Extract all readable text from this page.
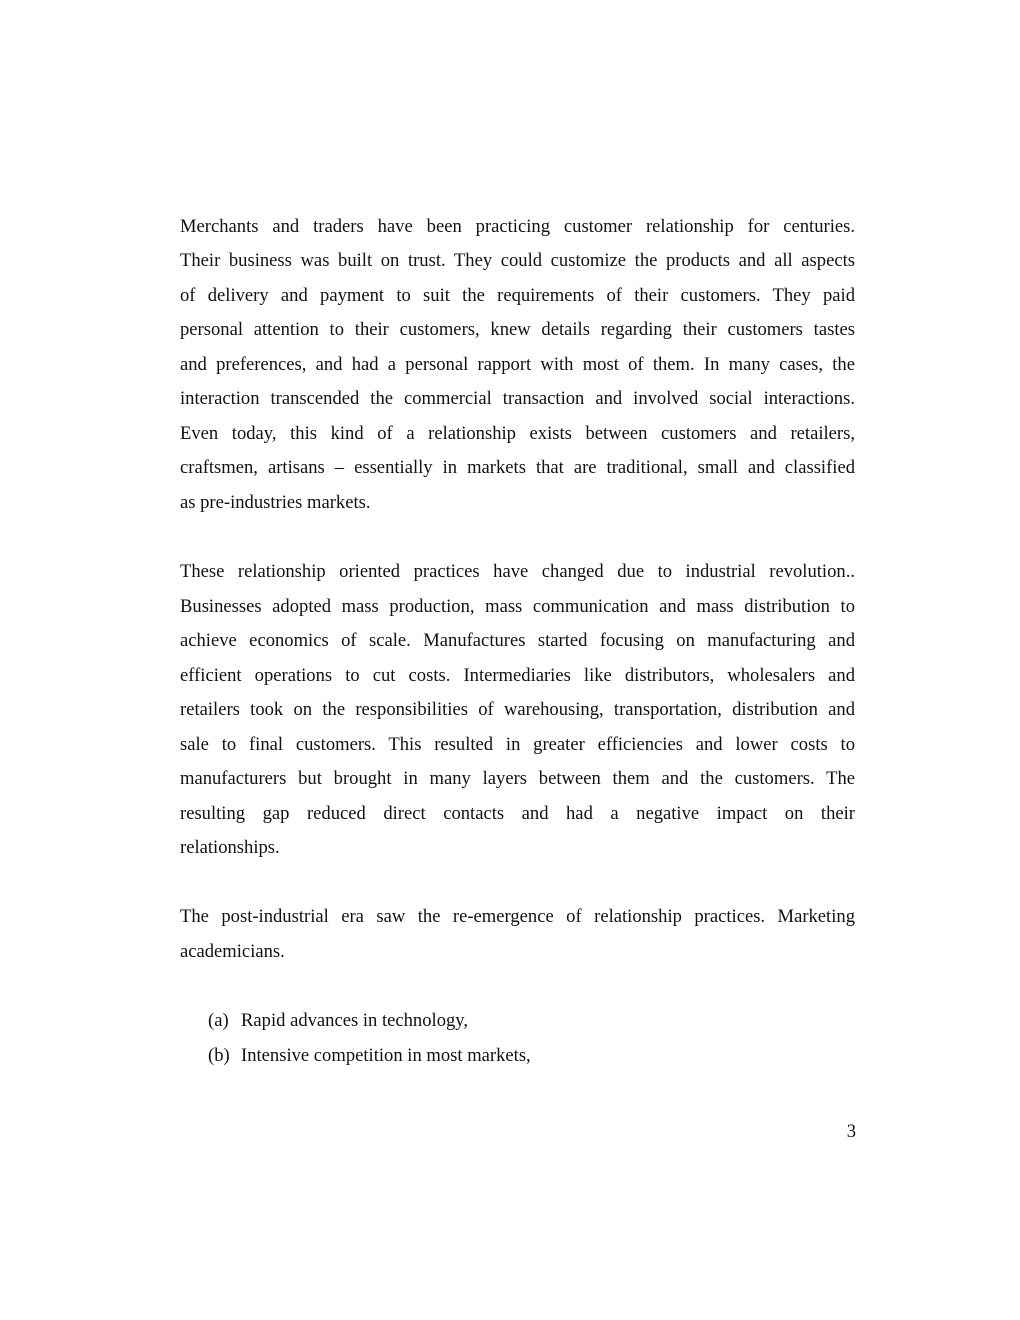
Merchants and traders have been practicing customer relationship for centuries.
Their business was built on trust. They could customize the products and all aspects
of delivery and payment to suit the requirements of their customers. They paid
personal attention to their customers, knew details regarding their customers tastes
and preferences, and had a personal rapport with most of them. In many cases, the
interaction transcended the commercial transaction and involved social interactions.
Even today, this kind of a relationship exists between customers and retailers,
craftsmen, artisans – essentially in markets that are traditional, small and classified
as pre-industries markets.
These relationship oriented practices have changed due to industrial revolution..
Businesses adopted mass production, mass communication and mass distribution to
achieve economics of scale. Manufactures started focusing on manufacturing and
efficient operations to cut costs. Intermediaries like distributors, wholesalers and
retailers took on the responsibilities of warehousing, transportation, distribution and
sale to final customers. This resulted in greater efficiencies and lower costs to
manufacturers but brought in many layers between them and the customers. The
resulting gap reduced direct contacts and had a negative impact on their
relationships.
The post-industrial era saw the re-emergence of relationship practices. Marketing
academicians.
(a) Rapid advances in technology,
(b) Intensive competition in most markets,
3
